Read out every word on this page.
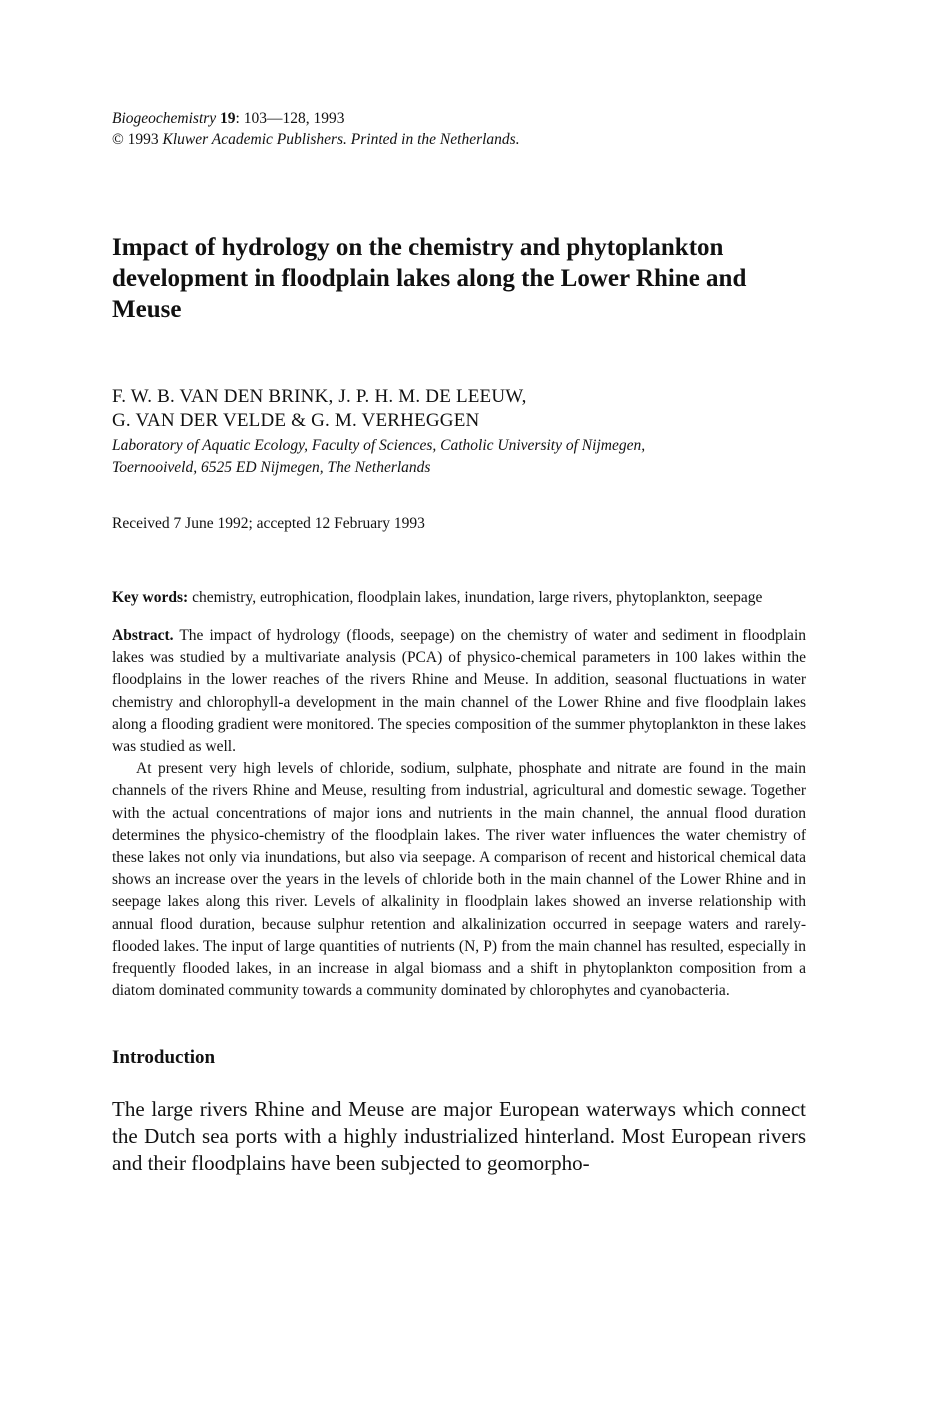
Biogeochemistry 19: 103—128, 1993

© 1993 Kluwer Academic Publishers. Printed in the Netherlands.

Impact of hydrology on the chemistry and phytoplankton development in floodplain lakes along the Lower Rhine and Meuse
F. W. B. VAN DEN BRINK, J. P. H. M. DE LEEUW,
G. VAN DER VELDE & G. M. VERHEGGEN
Laboratory of Aquatic Ecology, Faculty of Sciences, Catholic University of Nijmegen,
Toernooiveld, 6525 ED Nijmegen, The Netherlands

Received 7 June 1992; accepted 12 February 1993

Key words: chemistry, eutrophication, floodplain lakes, inundation, large rivers, phytoplankton, seepage

Abstract. The impact of hydrology (floods, seepage) on the chemistry of water and sediment in floodplain lakes was studied by a multivariate analysis (PCA) of physico-chemical parameters in 100 lakes within the floodplains in the lower reaches of the rivers Rhine and Meuse. In addition, seasonal fluctuations in water chemistry and chlorophyll-a development in the main channel of the Lower Rhine and five floodplain lakes along a flooding gradient were monitored. The species composition of the summer phytoplankton in these lakes was studied as well.

At present very high levels of chloride, sodium, sulphate, phosphate and nitrate are found in the main channels of the rivers Rhine and Meuse, resulting from industrial, agricultural and domestic sewage. Together with the actual concentrations of major ions and nutrients in the main channel, the annual flood duration determines the physico-chemistry of the floodplain lakes. The river water influences the water chemistry of these lakes not only via inundations, but also via seepage. A comparison of recent and historical chemical data shows an increase over the years in the levels of chloride both in the main channel of the Lower Rhine and in seepage lakes along this river. Levels of alkalinity in floodplain lakes showed an inverse relationship with annual flood duration, because sulphur retention and alkalinization occurred in seepage waters and rarely-flooded lakes. The input of large quantities of nutrients (N, P) from the main channel has resulted, especially in frequently flooded lakes, in an increase in algal biomass and a shift in phytoplankton composition from a diatom dominated community towards a community dominated by chlorophytes and cyanobacteria.

Introduction

The large rivers Rhine and Meuse are major European waterways which connect the Dutch sea ports with a highly industrialized hinterland. Most European rivers and their floodplains have been subjected to geomorpho-
